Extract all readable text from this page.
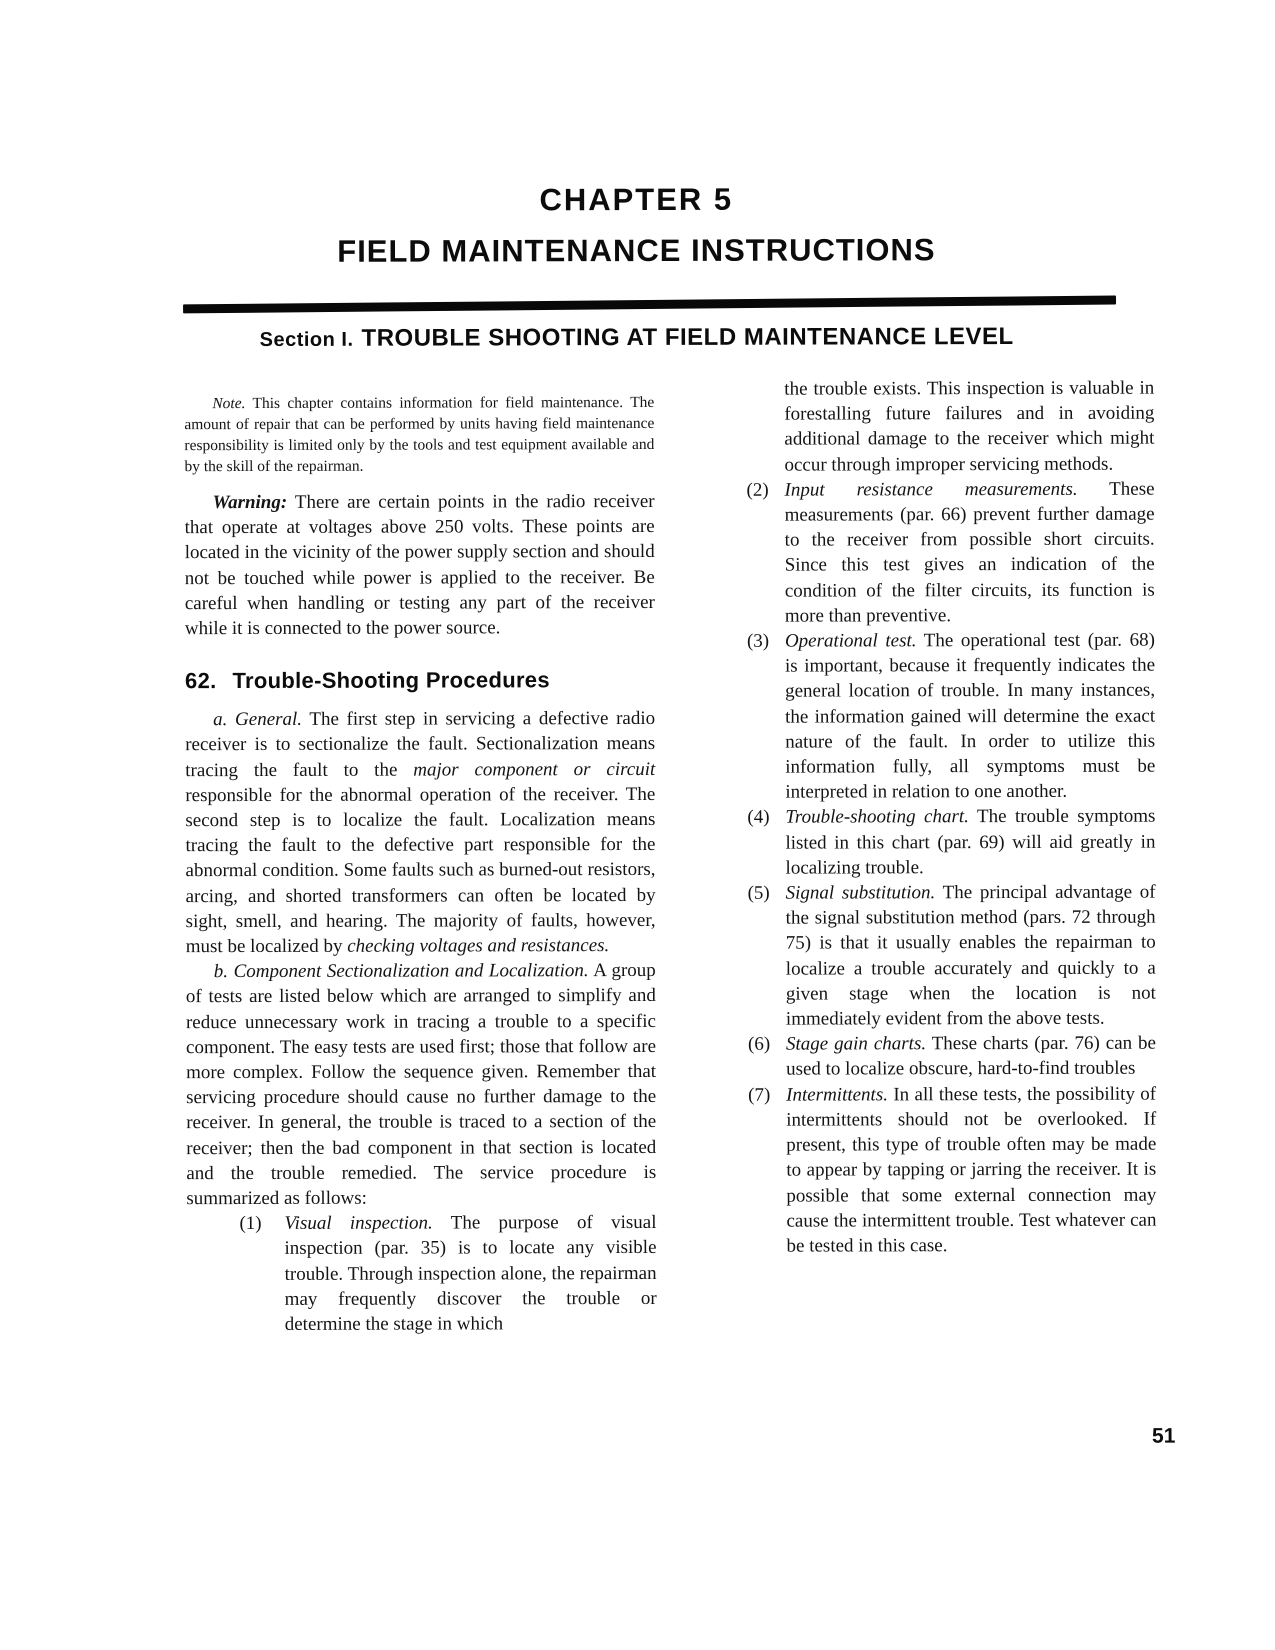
CHAPTER 5
FIELD MAINTENANCE INSTRUCTIONS
Section I. TROUBLE SHOOTING AT FIELD MAINTENANCE LEVEL

Note. This chapter contains information for field maintenance. The amount of repair that can be performed by units having field maintenance responsibility is limited only by the tools and test equipment available and by the skill of the repairman.

Warning: There are certain points in the radio receiver that operate at voltages above 250 volts. These points are located in the vicinity of the power supply section and should not be touched while power is applied to the receiver. Be careful when handling or testing any part of the receiver while it is connected to the power source.

62. Trouble-Shooting Procedures

a. General. The first step in servicing a defective radio receiver is to sectionalize the fault. Sectionalization means tracing the fault to the major component or circuit responsible for the abnormal operation of the receiver. The second step is to localize the fault. Localization means tracing the fault to the defective part responsible for the abnormal condition. Some faults such as burned-out resistors, arcing, and shorted transformers can often be located by sight, smell, and hearing. The majority of faults, however, must be localized by checking voltages and resistances.

b. Component Sectionalization and Localization. A group of tests are listed below which are arranged to simplify and reduce unnecessary work in tracing a trouble to a specific component. The easy tests are used first; those that follow are more complex. Follow the sequence given. Remember that servicing procedure should cause no further damage to the receiver. In general, the trouble is traced to a section of the receiver; then the bad component in that section is located and the trouble remedied. The service procedure is summarized as follows:

(1)	Visual inspection. The purpose of visual inspection (par. 35) is to locate any visible trouble. Through inspection alone, the repairman may frequently discover the trouble or determine the stage in which

the trouble exists. This inspection is valuable in forestalling future failures and in avoiding additional damage to the receiver which might occur through improper servicing methods.

(2) Input resistance measurements. These measurements (par. 66) prevent further damage to the receiver from possible short circuits. Since this test gives an indication of the condition of the filter circuits, its function is more than preventive.

(3) Operational test. The operational test (par. 68) is important, because it frequently indicates the general location of trouble. In many instances, the information gained will determine the exact nature of the fault. In order to utilize this information fully, all symptoms must be interpreted in relation to one another.

(4) Trouble-shooting chart. The trouble symptoms listed in this chart (par. 69) will aid greatly in localizing trouble.

(5) Signal substitution. The principal advantage of the signal substitution method (pars. 72 through 75) is that it usually enables the repairman to localize a trouble accurately and quickly to a given stage when the location is not immediately evident from the above tests.

(6) Stage gain charts. These charts (par. 76) can be used to localize obscure, hard-to-find troubles

(7) Intermittents. In all these tests, the possibility of intermittents should not be overlooked. If present, this type of trouble often may be made to appear by tapping or jarring the receiver. It is possible that some external connection may cause the intermittent trouble. Test whatever can be tested in this case.

51
